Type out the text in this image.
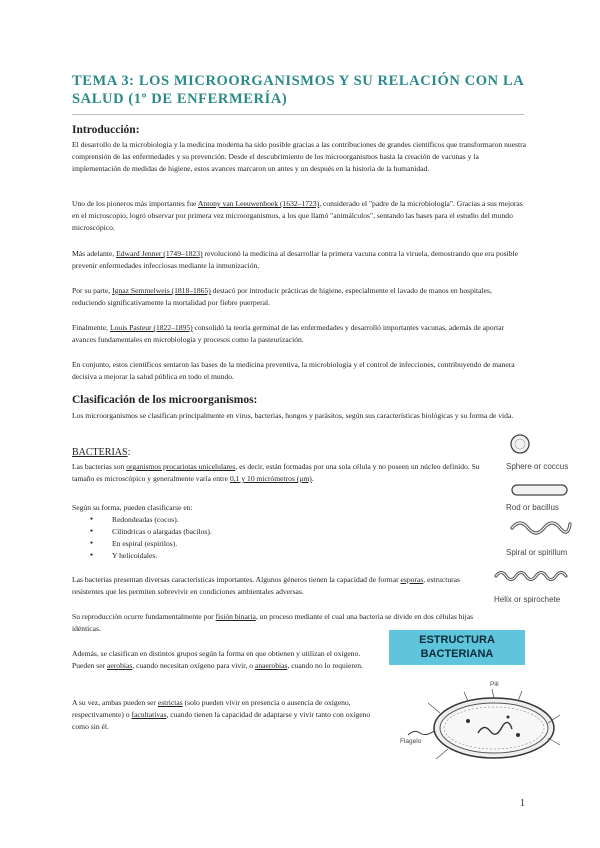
TEMA 3: LOS MICROORGANISMOS Y SU RELACIÓN CON LA SALUD (1º DE ENFERMERÍA)
Introducción:
El desarrollo de la microbiología y la medicina moderna ha sido posible gracias a las contribuciones de grandes científicos que transformaron nuestra comprensión de las enfermedades y su prevención. Desde el descubrimiento de los microorganismos hasta la creación de vacunas y la implementación de medidas de higiene, estos avances marcaron un antes y un después en la historia de la humanidad.
Uno de los pioneros más importantes fue Antony van Leeuwenhoek (1632–1723), considerado el "padre de la microbiología". Gracias a sus mejoras en el microscopio, logró observar por primera vez microorganismos, a los que llamó "animálculos", sentando las bases para el estudio del mundo microscópico.
Más adelante, Edward Jenner (1749–1823) revolucionó la medicina al desarrollar la primera vacuna contra la viruela, demostrando que era posible prevenir enfermedades infecciosas mediante la inmunización.
Por su parte, Ignaz Semmelweis (1818–1865) destacó por introducir prácticas de higiene, especialmente el lavado de manos en hospitales, reduciendo significativamente la mortalidad por fiebre puerperal.
Finalmente, Louis Pasteur (1822–1895) consolidó la teoría germinal de las enfermedades y desarrolló importantes vacunas, además de aportar avances fundamentales en microbiología y procesos como la pasteurización.
En conjunto, estos científicos sentaron las bases de la medicina preventiva, la microbiología y el control de infecciones, contribuyendo de manera decisiva a mejorar la salud pública en todo el mundo.
Clasificación de los microorganismos:
Los microorganismos se clasifican principalmente en virus, bacterias, hongos y parásitos, según sus características biológicas y su forma de vida.
BACTERIAS:
Las bacterias son organismos procariotas unicelulares, es decir, están formadas por una sola célula y no poseen un núcleo definido. Su tamaño es microscópico y generalmente varía entre 0,1 y 10 micrómetros (μm).
Según su forma, pueden clasificarse en:
● Redondeadas (cocos).
● Cilíndricas o alargadas (bacilos).
● En espiral (espirilos).
● Y helicoidales.
Las bacterias presentan diversas características importantes. Algunos géneros tienen la capacidad de formar esporas, estructuras resistentes que les permiten sobrevivir en condiciones ambientales adversas.
Su reproducción ocurre fundamentalmente por fisión binaria, un proceso mediante el cual una bacteria se divide en dos células hijas idénticas.
Además, se clasifican en distintos grupos según la forma en que obtienen y utilizan el oxígeno. Pueden ser aerobias, cuando necesitan oxígeno para vivir, o anaerobias, cuando no lo requieren.
A su vez, ambas pueden ser estrictas (solo pueden vivir en presencia o ausencia de oxígeno, respectivamente) o facultativas, cuando tienen la capacidad de adaptarse y vivir tanto con oxígeno como sin él.
Sphere or coccus
Rod or bacillus
Spiral or spirillum
Helix or spirochete
ESTRUCTURA BACTERIANA
Flagelo
Pili
1
